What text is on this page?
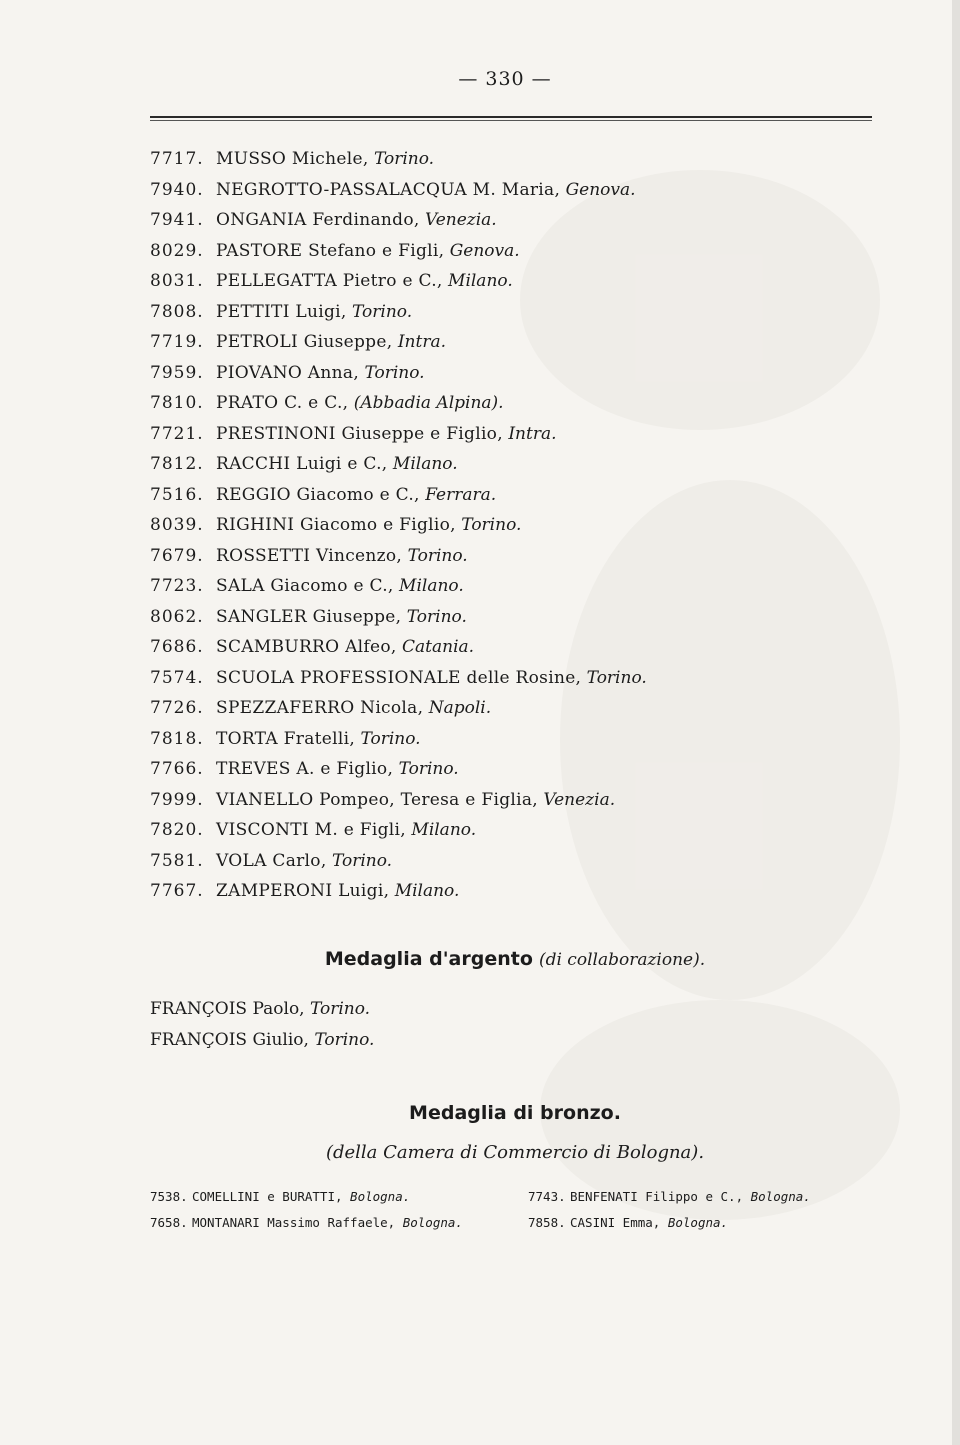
— 330 —
7717. MUSSO Michele, Torino.
7940. NEGROTTO-PASSALACQUA M. Maria, Genova.
7941. ONGANIA Ferdinando, Venezia.
8029. PASTORE Stefano e Figli, Genova.
8031. PELLEGATTA Pietro e C., Milano.
7808. PETTITI Luigi, Torino.
7719. PETROLI Giuseppe, Intra.
7959. PIOVANO Anna, Torino.
7810. PRATO C. e C., (Abbadia Alpina).
7721. PRESTINONI Giuseppe e Figlio, Intra.
7812. RACCHI Luigi e C., Milano.
7516. REGGIO Giacomo e C., Ferrara.
8039. RIGHINI Giacomo e Figlio, Torino.
7679. ROSSETTI Vincenzo, Torino.
7723. SALA Giacomo e C., Milano.
8062. SANGLER Giuseppe, Torino.
7686. SCAMBURRO Alfeo, Catania.
7574. SCUOLA PROFESSIONALE delle Rosine, Torino.
7726. SPEZZAFERRO Nicola, Napoli.
7818. TORTA Fratelli, Torino.
7766. TREVES A. e Figlio, Torino.
7999. VIANELLO Pompeo, Teresa e Figlia, Venezia.
7820. VISCONTI M. e Figli, Milano.
7581. VOLA Carlo, Torino.
7767. ZAMPERONI Luigi, Milano.
Medaglia d'argento (di collaborazione).
FRANÇOIS Paolo, Torino.
FRANÇOIS Giulio, Torino.
Medaglia di bronzo.
(della Camera di Commercio di Bologna).
7538. COMELLINI e BURATTI, Bologna.
7658. MONTANARI Massimo Raffaele, Bologna.
7743. BENFENATI Filippo e C., Bologna.
7858. CASINI Emma, Bologna.
